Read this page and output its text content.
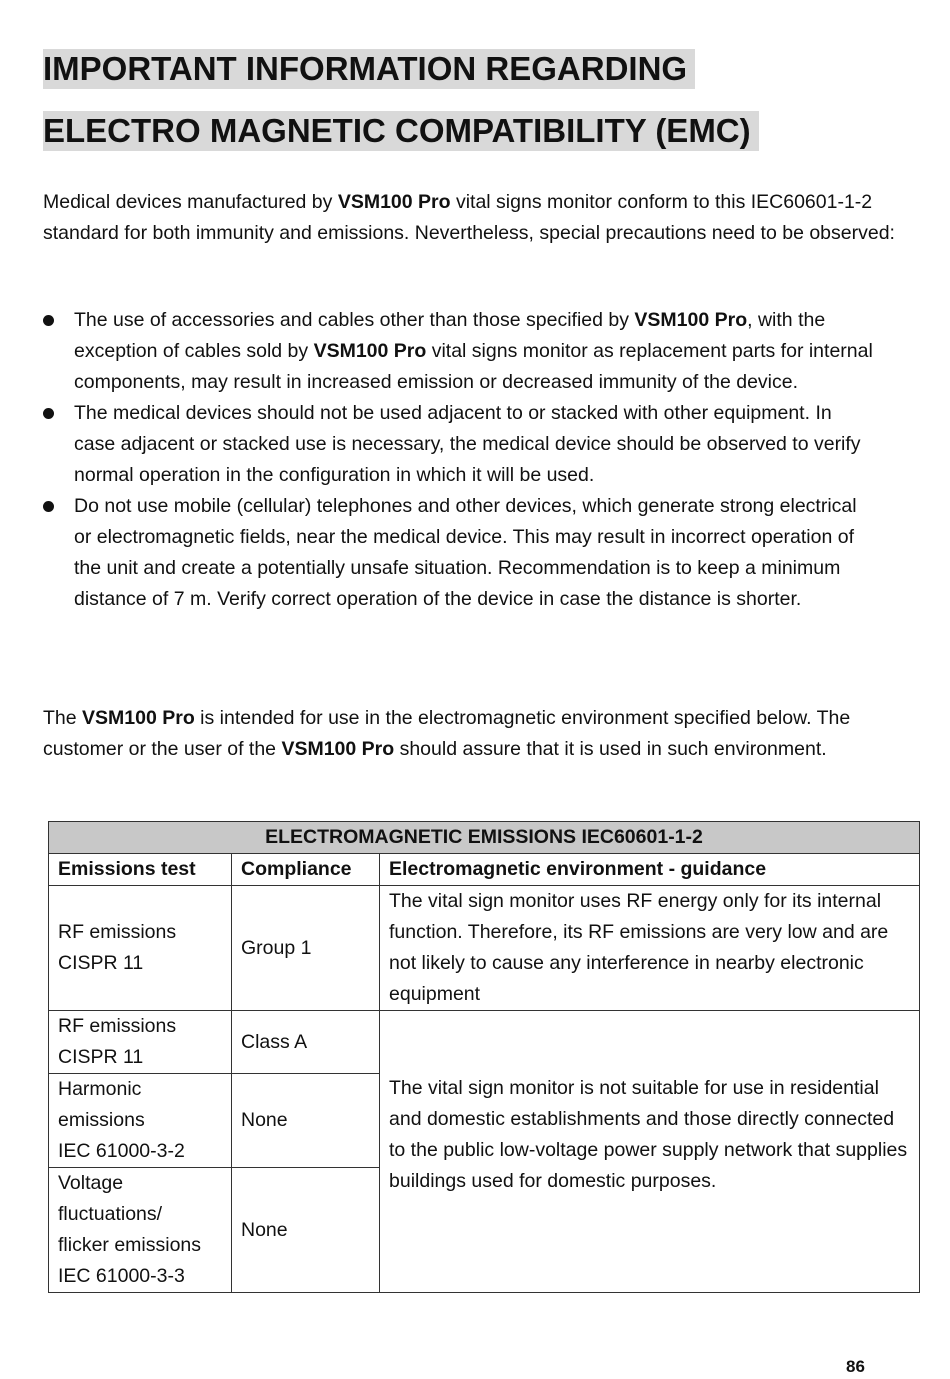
IMPORTANT INFORMATION REGARDING
ELECTRO MAGNETIC COMPATIBILITY (EMC)

Medical devices manufactured by VSM100 Pro vital signs monitor conform to this IEC60601-1-2 standard for both immunity and emissions. Nevertheless, special precautions need to be observed:

The use of accessories and cables other than those specified by VSM100 Pro, with the exception of cables sold by VSM100 Pro vital signs monitor as replacement parts for internal components, may result in increased emission or decreased immunity of the device.
The medical devices should not be used adjacent to or stacked with other equipment. In case adjacent or stacked use is necessary, the medical device should be observed to verify normal operation in the configuration in which it will be used.
Do not use mobile (cellular) telephones and other devices, which generate strong electrical or electromagnetic fields, near the medical device. This may result in incorrect operation of the unit and create a potentially unsafe situation. Recommendation is to keep a minimum distance of 7 m. Verify correct operation of the device in case the distance is shorter.

The VSM100 Pro is intended for use in the electromagnetic environment specified below. The customer or the user of the VSM100 Pro should assure that it is used in such environment.

ELECTROMAGNETIC EMISSIONS IEC60601-1-2		
Emissions test	Compliance	Electromagnetic environment - guidance

RF emissions
CISPR 11	Group 1	The vital sign monitor uses RF energy only for its internal function. Therefore, its RF emissions are very low and are not likely to cause any interference in nearby electronic equipment

RF emissions
CISPR 11	Class A	The vital sign monitor is not suitable for use in residential and domestic establishments and those directly connected to the public low-voltage power supply network that supplies buildings used for domestic purposes.

Harmonic
emissions
IEC 61000-3-2	None	

Voltage
fluctuations/
flicker emissions
IEC 61000-3-3	None	
86
